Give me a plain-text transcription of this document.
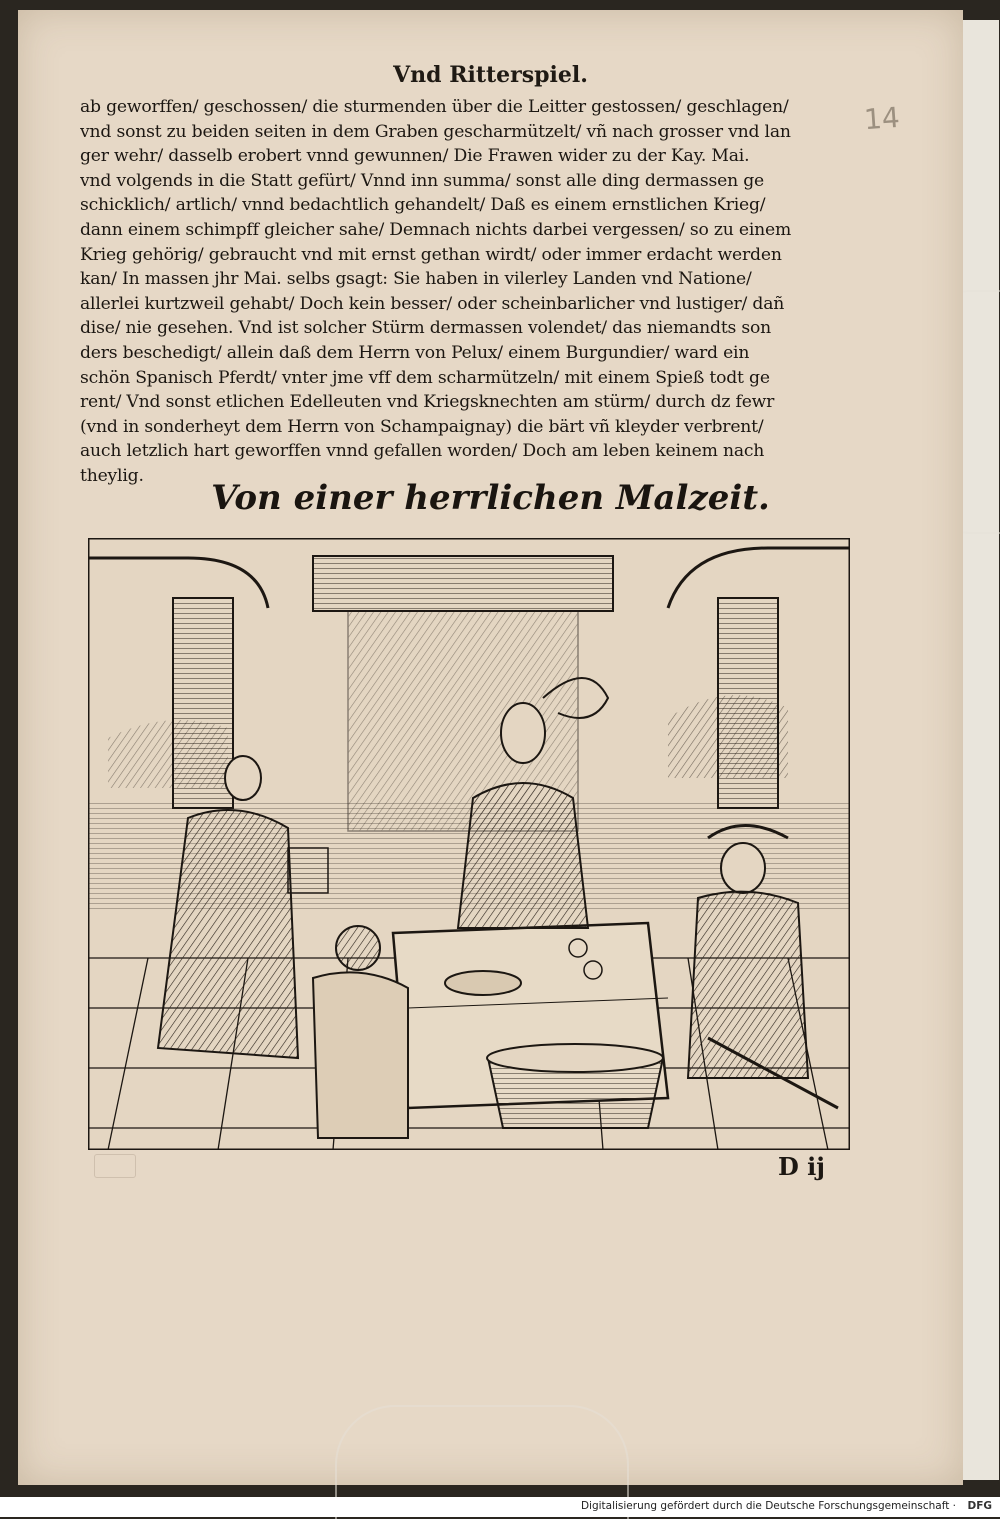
14
Vnd Ritterspiel.
ab geworffen/ geschossen/ die sturmenden über die Leitter gestossen/ geschlagen/
vnd sonst zu beiden seiten in dem Graben gescharmützelt/ vñ nach grosser vnd lan
ger wehr/ dasselb erobert vnnd gewunnen/ Die Frawen wider zu der Kay. Mai.
vnd volgends in die Statt gefürt/ Vnnd inn summa/ sonst alle ding dermassen ge
schicklich/ artlich/ vnnd bedachtlich gehandelt/ Daß es einem ernstlichen Krieg/
dann einem schimpff gleicher sahe/ Demnach nichts darbei vergessen/ so zu einem
Krieg gehörig/ gebraucht vnd mit ernst gethan wirdt/ oder immer erdacht werden
kan/ In massen jhr Mai. selbs gsagt: Sie haben in vilerley Landen vnd Natione/
allerlei kurtzweil gehabt/ Doch kein besser/ oder scheinbarlicher vnd lustiger/ dañ
dise/ nie gesehen. Vnd ist solcher Stürm dermassen volendet/ das niemandts son
ders beschedigt/ allein daß dem Herrn von Pelux/ einem Burgundier/ ward ein
schön Spanisch Pferdt/ vnter jme vff dem scharmützeln/ mit einem Spieß todt ge
rent/ Vnd sonst etlichen Edelleuten vnd Kriegsknechten am stürm/ durch dz fewr
(vnd in sonderheyt dem Herrn von Schampaignay) die bärt vñ kleyder verbrent/
auch letzlich hart geworffen vnnd gefallen worden/ Doch am leben keinem nach
theylig.
Von einer herrlichen Malzeit.
D ij
Digitalisierung gefördert durch die Deutsche Forschungsgemeinschaft · DFG
